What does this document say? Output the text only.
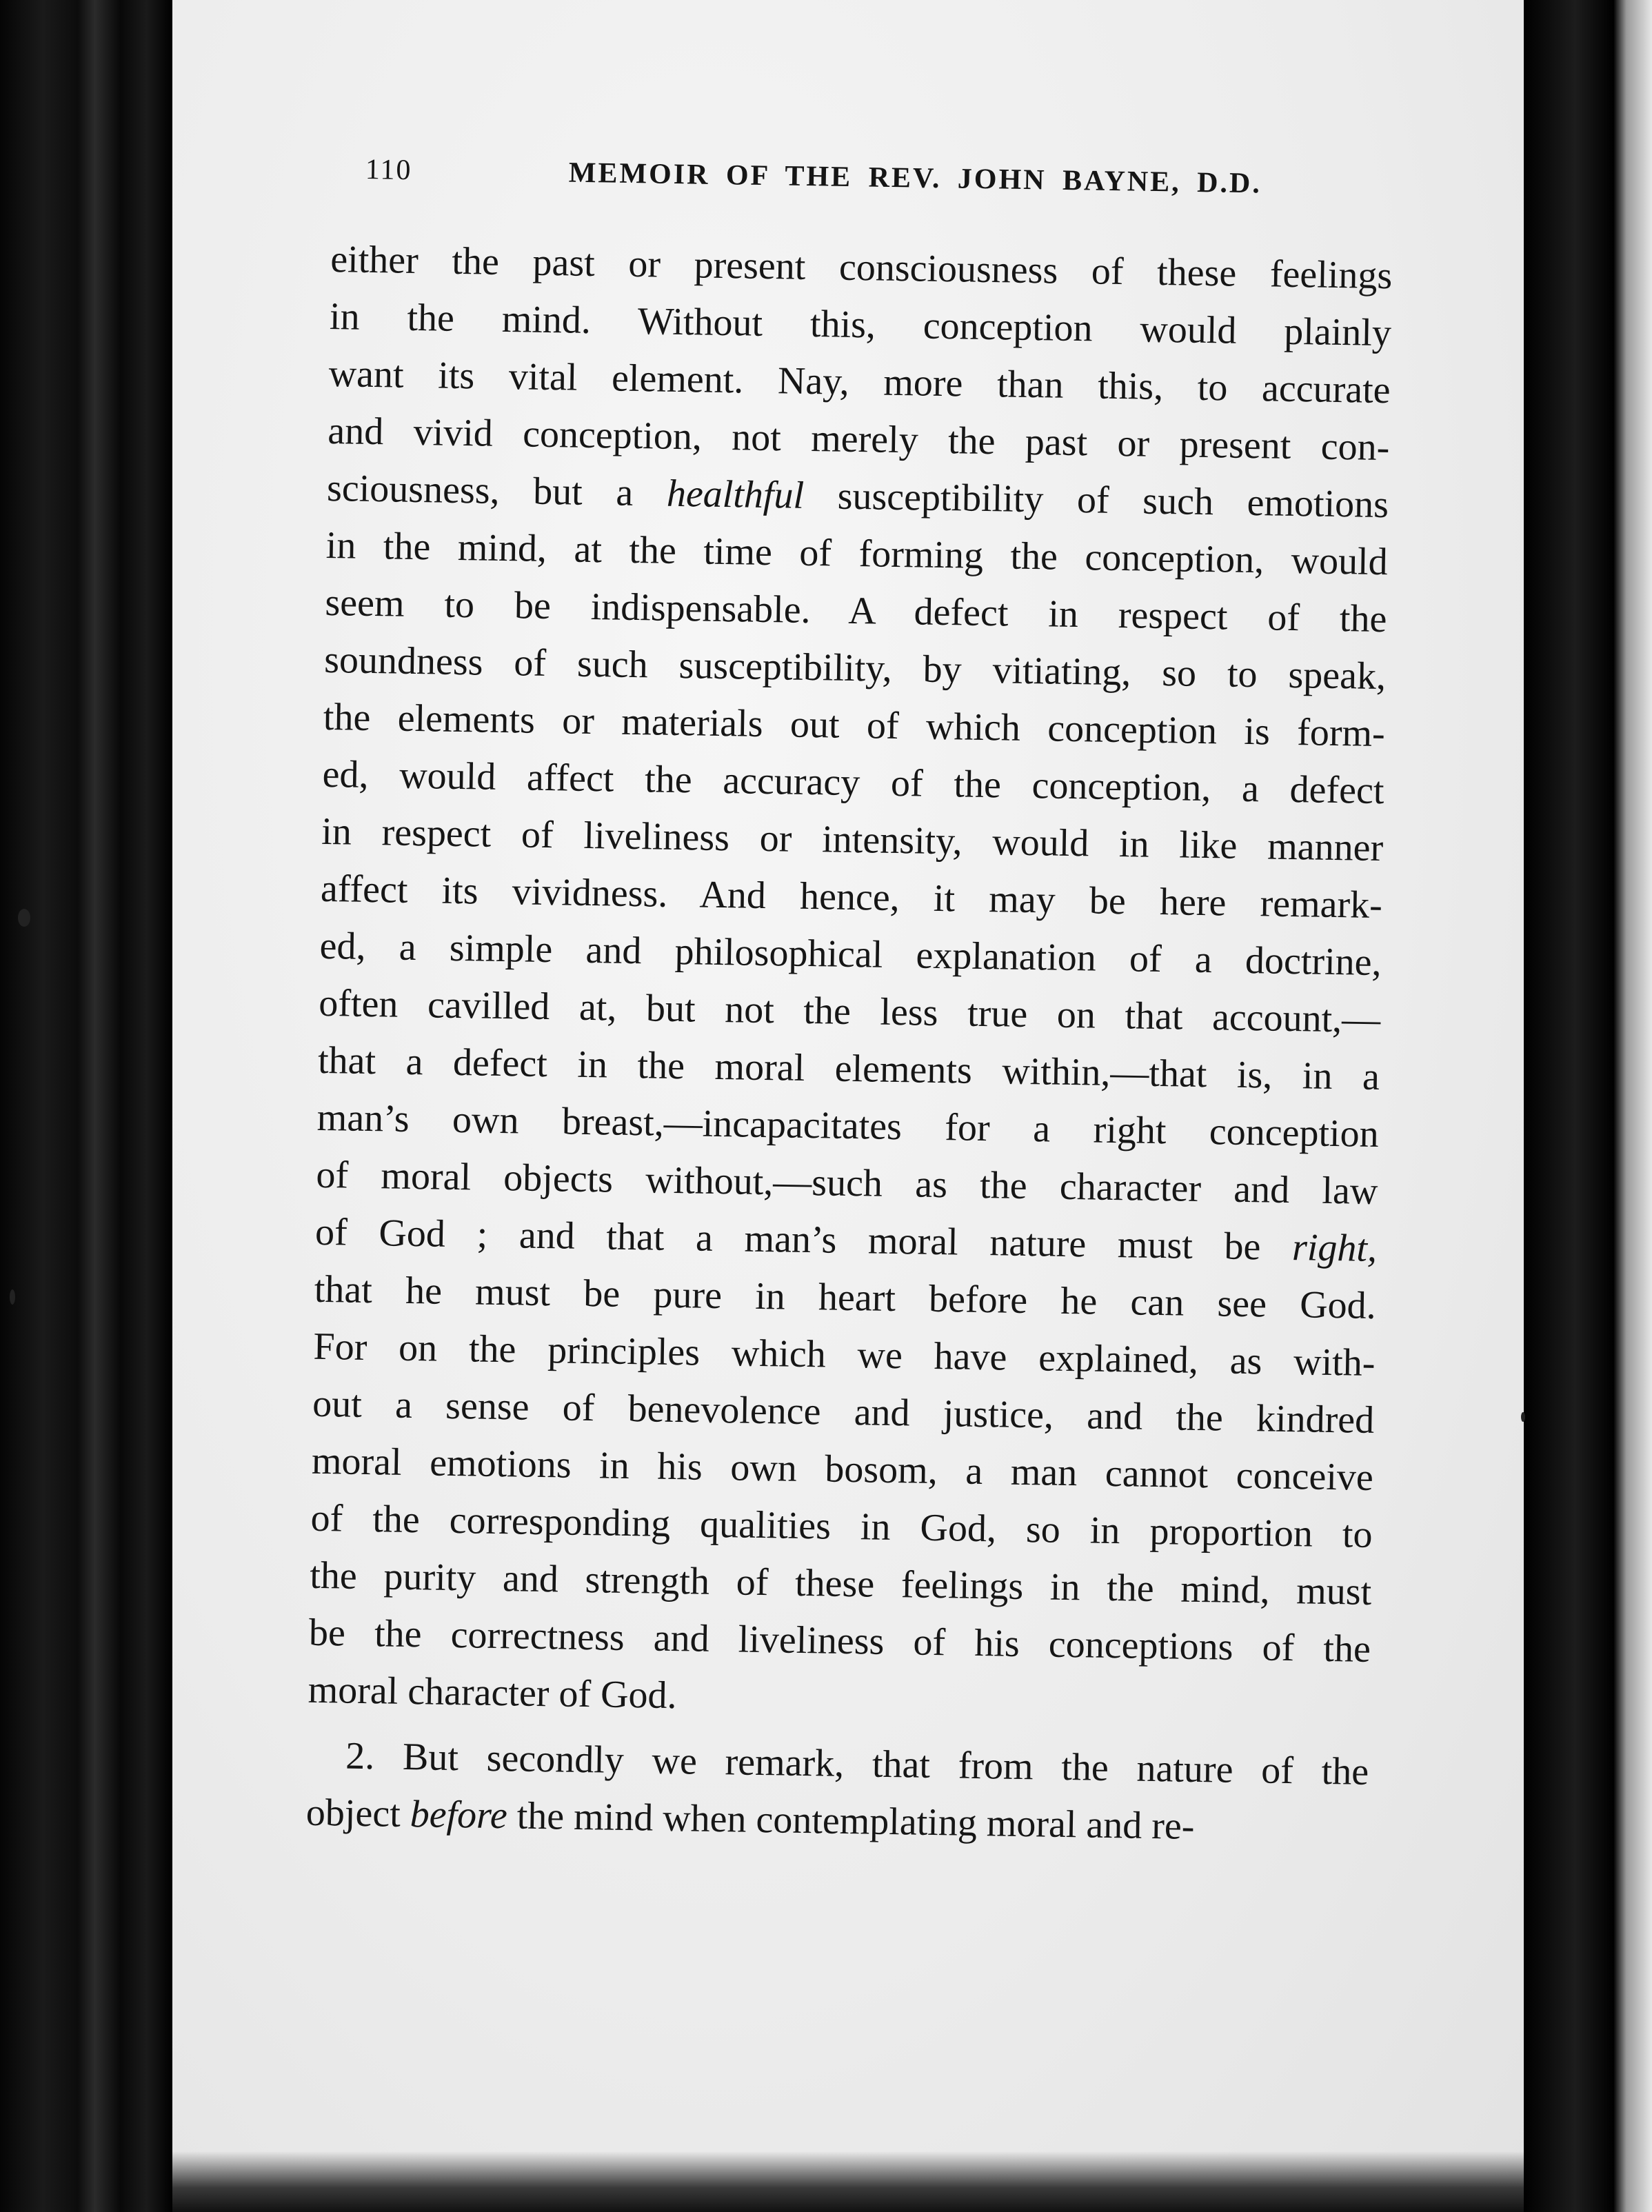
110	MEMOIR OF THE REV. JOHN BAYNE, D.D.
either the past or present consciousness of these feelings
in the mind. Without this, conception would plainly
want its vital element. Nay, more than this, to accurate
and vivid conception, not merely the past or present con-
sciousness, but a healthful susceptibility of such emotions
in the mind, at the time of forming the conception, would
seem to be indispensable. A defect in respect of the
soundness of such susceptibility, by vitiating, so to speak,
the elements or materials out of which conception is form-
ed, would affect the accuracy of the conception, a defect
in respect of liveliness or intensity, would in like manner
affect its vividness. And hence, it may be here remark-
ed, a simple and philosophical explanation of a doctrine,
often cavilled at, but not the less true on that account,—
that a defect in the moral elements within,—that is, in a
man’s own breast,—incapacitates for a right conception
of moral objects without,—such as the character and law
of God ; and that a man’s moral nature must be right,
that he must be pure in heart before he can see God.
For on the principles which we have explained, as with-
out a sense of benevolence and justice, and the kindred
moral emotions in his own bosom, a man cannot conceive
of the corresponding qualities in God, so in proportion to
the purity and strength of these feelings in the mind, must
be the correctness and liveliness of his conceptions of the
moral character of God.
2. But secondly we remark, that from the nature of the
object before the mind when contemplating moral and re-
